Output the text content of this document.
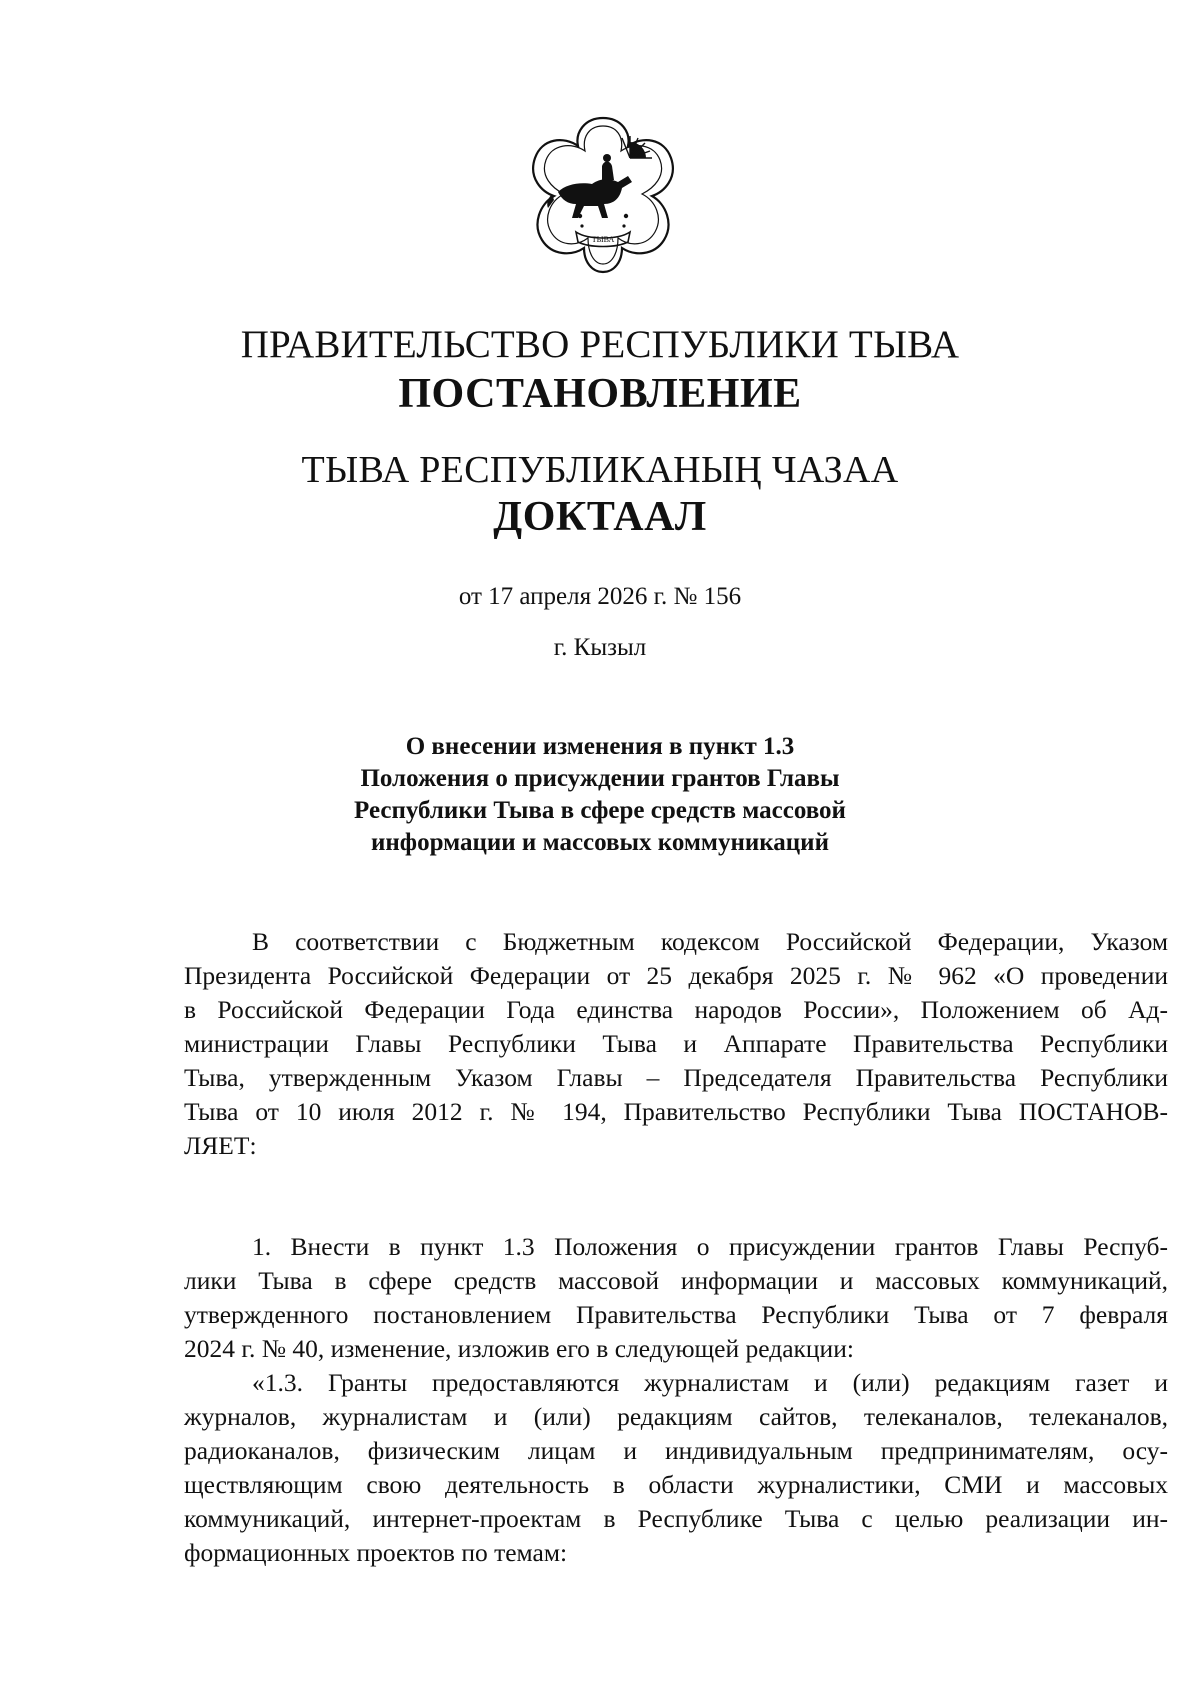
ТЫВА
ПРАВИТЕЛЬСТВО РЕСПУБЛИКИ ТЫВА
ПОСТАНОВЛЕНИЕ
ТЫВА РЕСПУБЛИКАНЫҢ ЧАЗАА
ДОКТААЛ
от 17 апреля 2026 г. № 156
г. Кызыл
О внесении изменения в пункт 1.3
Положения о присуждении грантов Главы
Республики Тыва в сфере средств массовой
информации и массовых коммуникаций
В соответствии с Бюджетным кодексом Российской Федерации, Указом
Президента Российской Федерации от 25 декабря 2025 г. № 962 «О проведении
в Российской Федерации Года единства народов России», Положением об Ад-
министрации Главы Республики Тыва и Аппарате Правительства Республики
Тыва, утвержденным Указом Главы – Председателя Правительства Республики
Тыва от 10 июля 2012 г. № 194, Правительство Республики Тыва ПОСТАНОВ-
ЛЯЕТ:
1. Внести в пункт 1.3 Положения о присуждении грантов Главы Респуб-
лики Тыва в сфере средств массовой информации и массовых коммуникаций,
утвержденного постановлением Правительства Республики Тыва от 7 февраля
2024 г. № 40, изменение, изложив его в следующей редакции:
«1.3. Гранты предоставляются журналистам и (или) редакциям газет и
журналов, журналистам и (или) редакциям сайтов, телеканалов, телеканалов,
радиоканалов, физическим лицам и индивидуальным предпринимателям, осу-
ществляющим свою деятельность в области журналистики, СМИ и массовых
коммуникаций, интернет-проектам в Республике Тыва с целью реализации ин-
формационных проектов по темам:
